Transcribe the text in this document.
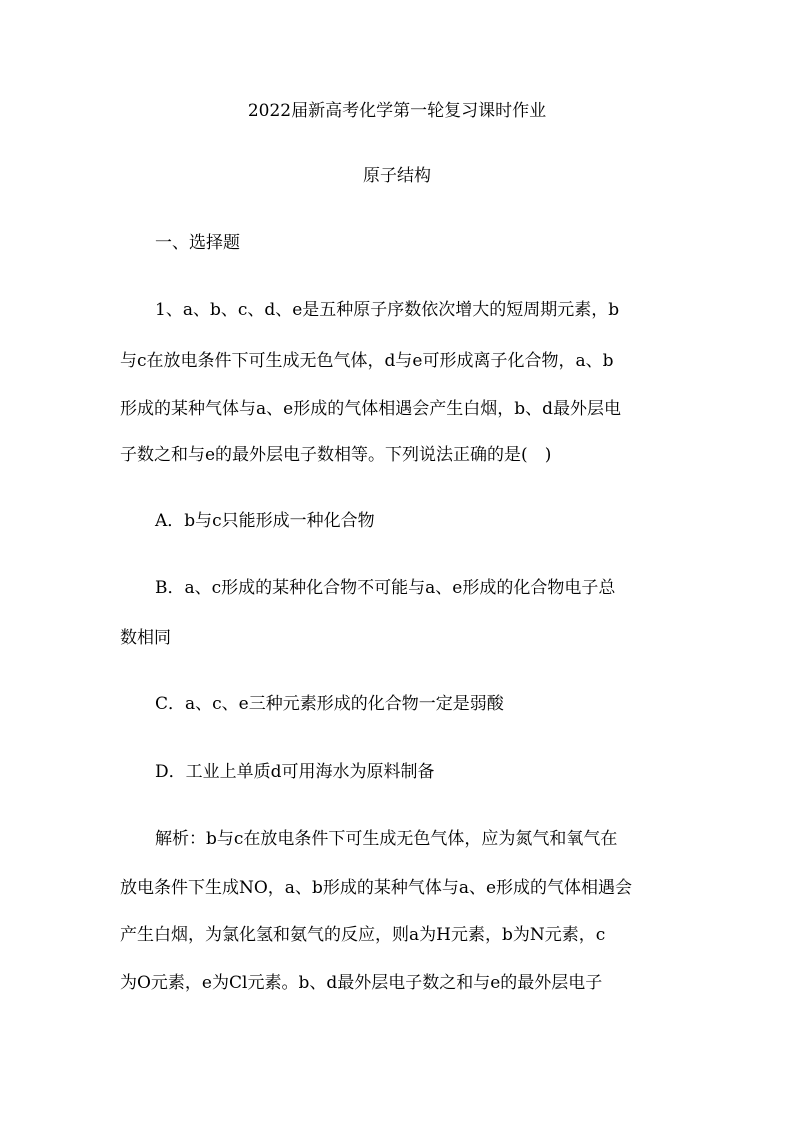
2022届新高考化学第一轮复习课时作业
原子结构
一、选择题
1、a、b、c、d、e是五种原子序数依次增大的短周期元素，b
与c在放电条件下可生成无色气体，d与e可形成离子化合物，a、b
形成的某种气体与a、e形成的气体相遇会产生白烟，b、d最外层电
子数之和与e的最外层电子数相等。下列说法正确的是(　)
A．b与c只能形成一种化合物
B．a、c形成的某种化合物不可能与a、e形成的化合物电子总
数相同
C．a、c、e三种元素形成的化合物一定是弱酸
D．工业上单质d可用海水为原料制备
解析：b与c在放电条件下可生成无色气体，应为氮气和氧气在
放电条件下生成NO，a、b形成的某种气体与a、e形成的气体相遇会
产生白烟，为氯化氢和氨气的反应，则a为H元素，b为N元素，c
为O元素，e为Cl元素。b、d最外层电子数之和与e的最外层电子
